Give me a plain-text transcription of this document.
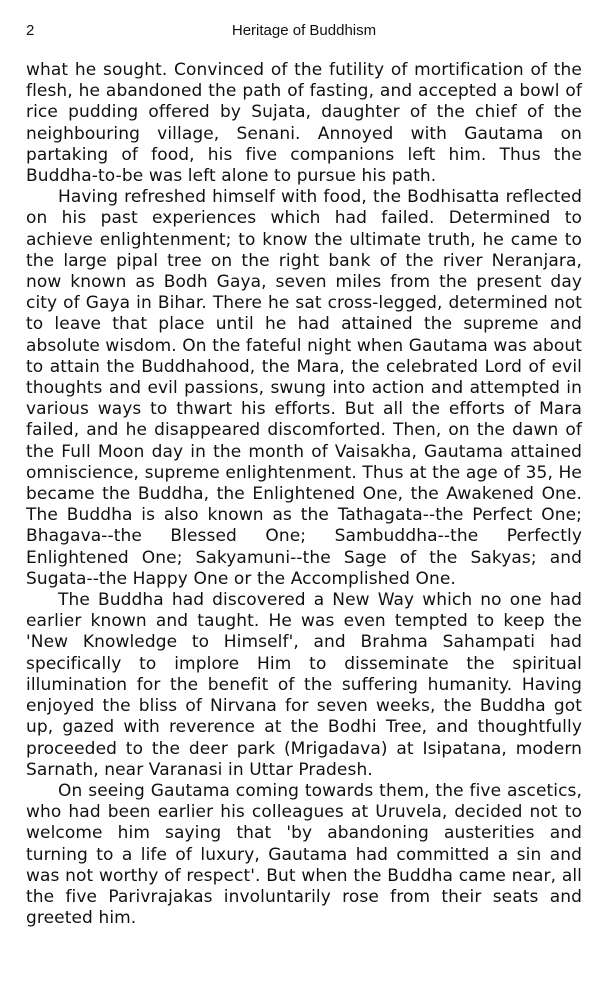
2	Heritage of Buddhism

what he sought. Convinced of the futility of mortification of the flesh, he abandoned the path of fasting, and accepted a bowl of rice pudding offered by Sujata, daughter of the chief of the neighbouring village, Senani. Annoyed with Gautama on partaking of food, his five companions left him. Thus the Buddha-to-be was left alone to pursue his path.

Having refreshed himself with food, the Bodhisatta reflected on his past experiences which had failed. Determined to achieve enlightenment; to know the ultimate truth, he came to the large pipal tree on the right bank of the river Neranjara, now known as Bodh Gaya, seven miles from the present day city of Gaya in Bihar. There he sat cross-legged, determined not to leave that place until he had attained the supreme and absolute wisdom. On the fateful night when Gautama was about to attain the Buddhahood, the Mara, the celebrated Lord of evil thoughts and evil passions, swung into action and attempted in various ways to thwart his efforts. But all the efforts of Mara failed, and he disappeared discomforted. Then, on the dawn of the Full Moon day in the month of Vaisakha, Gautama attained omniscience, supreme enlightenment. Thus at the age of 35, He became the Buddha, the Enlightened One, the Awakened One. The Buddha is also known as the Tathagata--the Perfect One; Bhagava--the Blessed One; Sambuddha--the Perfectly Enlightened One; Sakyamuni--the Sage of the Sakyas; and Sugata--the Happy One or the Accomplished One.

The Buddha had discovered a New Way which no one had earlier known and taught. He was even tempted to keep the 'New Knowledge to Himself', and Brahma Sahampati had specifically to implore Him to disseminate the spiritual illumination for the benefit of the suffering humanity. Having enjoyed the bliss of Nirvana for seven weeks, the Buddha got up, gazed with reverence at the Bodhi Tree, and thoughtfully proceeded to the deer park (Mrigadava) at Isipatana, modern Sarnath, near Varanasi in Uttar Pradesh.

On seeing Gautama coming towards them, the five ascetics, who had been earlier his colleagues at Uruvela, decided not to welcome him saying that 'by abandoning austerities and turning to a life of luxury, Gautama had committed a sin and was not worthy of respect'. But when the Buddha came near, all the five Parivrajakas involuntarily rose from their seats and greeted him.
